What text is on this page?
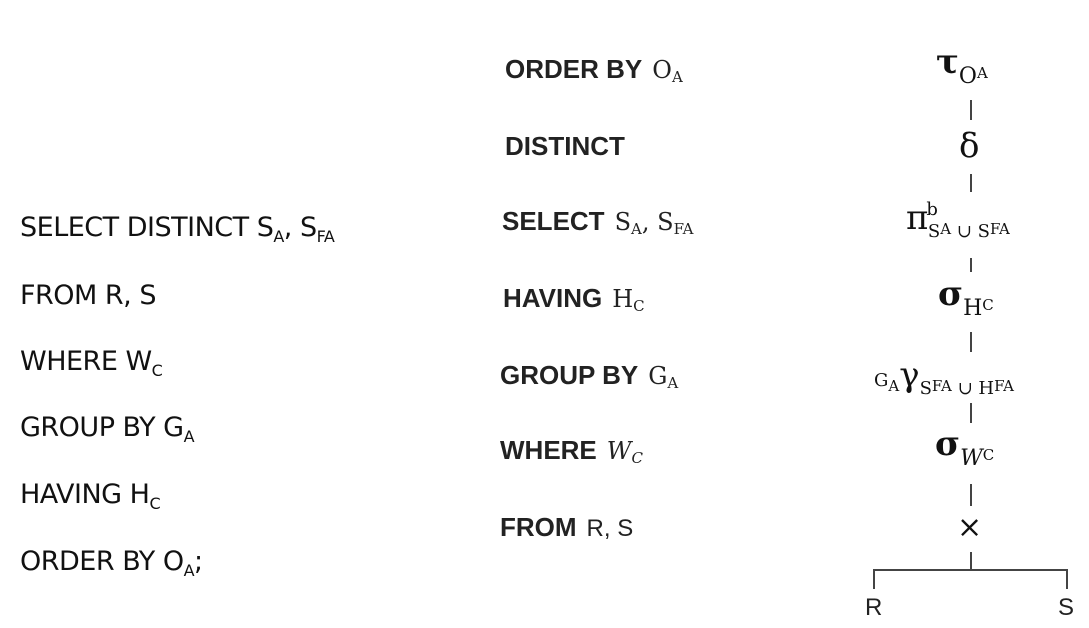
SELECT DISTINCT $S_A$, $S_{FA}$
FROM R, S
WHERE $W_C$
GROUP BY $G_A$
HAVING $H_C$
ORDER BY $O_A$;
ORDER BY $O_A$
DISTINCT
SELECT $S_A$, $S_{FA}$
HAVING $H_C$
GROUP BY $G_A$
WHERE $W_C$
FROM R, S
$\tau_OA$
δ
$\pi^b_SA$ $_{\cup S}$FA
$\sigma_HC$
GAγ$_S$FA $_{\cup H}$FA
$\sigma_WC$
×
R	S
